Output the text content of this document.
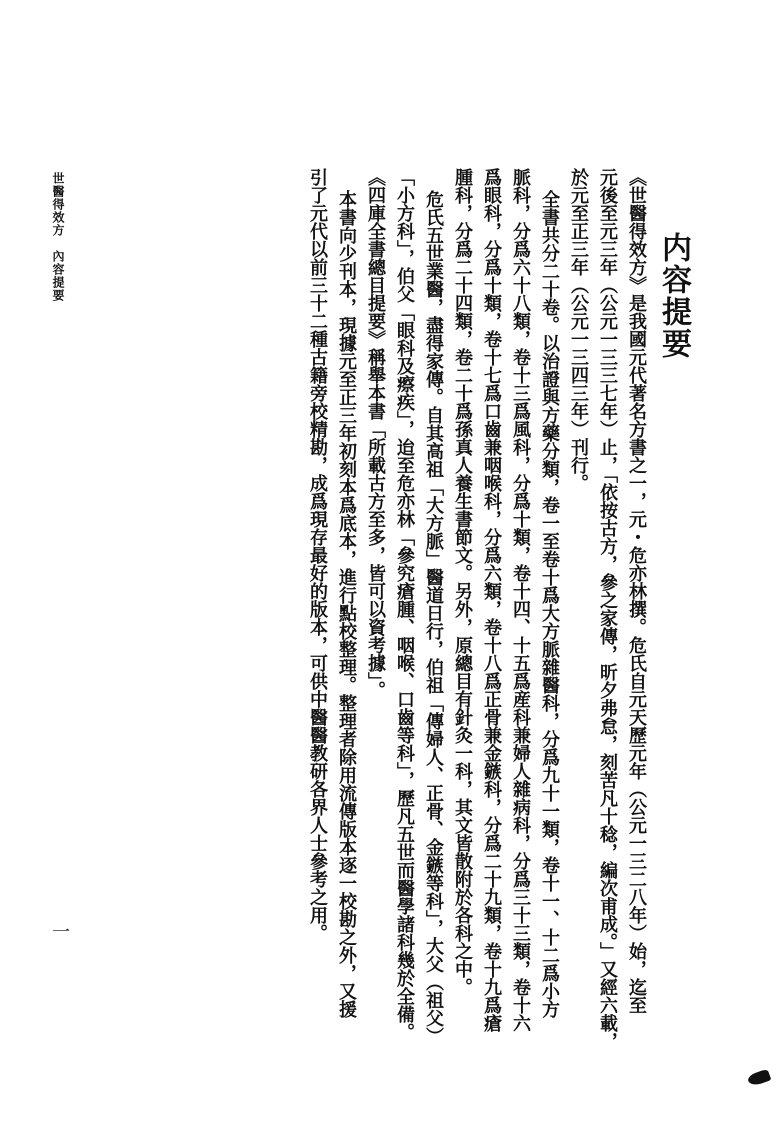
内容提要
《世醫得效方》是我國元代著名方書之一，元・危亦林撰。危氏自元天歷元年（公元一三二八年）始，迄至
元後至元三年（公元一三三七年）止，「依按古方，參之家傳，昕夕弗怠，刻苦凡十稔，編次甫成。」又經六載，
於元至正三年（公元一三四三年）刊行。
全書共分二十卷。以治證與方藥分類，卷一至卷十爲大方脈雜醫科，分爲九十一類，卷十一、十二爲小方
脈科，分爲六十八類，卷十三爲風科，分爲十類，卷十四、十五爲産科兼婦人雜病科，分爲三十三類，卷十六
爲眼科，分爲十類，卷十七爲口齒兼咽喉科，分爲六類，卷十八爲正骨兼金鏃科，分爲二十九類，卷十九爲瘡
腫科，分爲二十四類，卷二十爲孫真人養生書節文。另外，原總目有針灸一科，其文皆散附於各科之中。
危氏五世業醫，盡得家傳。自其高祖「大方脈」醫道日行，伯祖「傳婦人、正骨、金鏃等科」，大父（祖父）
「小方科」，伯父「眼科及瘵疾」，迨至危亦林「參究瘡腫、咽喉、口齒等科」，歷凡五世而醫學諸科幾於全備。
《四庫全書總目提要》稱舉本書「所載古方至多，皆可以資考據」。
本書向少刊本，現據元至正三年初刻本爲底本，進行點校整理。整理者除用流傳版本逐一校勘之外，又援
引了元代以前三十二種古籍旁校精勘，成爲現存最好的版本，可供中醫醫教研各界人士參考之用。
世醫得效方　內容提要
一
